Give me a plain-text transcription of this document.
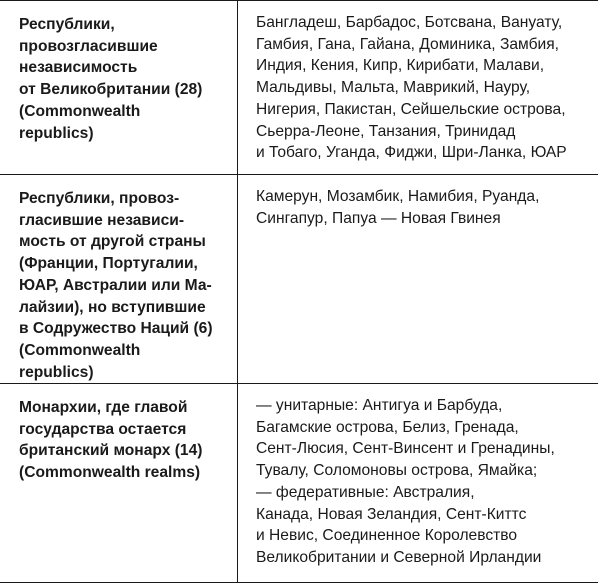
Республики,
провозгласившие
независимость
от Великобритании (28)
(Commonwealth
republics)
Бангладеш, Барбадос, Ботсвана, Вануату,
Гамбия, Гана, Гайана, Доминика, Замбия,
Индия, Кения, Кипр, Кирибати, Малави,
Мальдивы, Мальта, Маврикий, Науру,
Нигерия, Пакистан, Сейшельские острова,
Сьерра-Леоне, Танзания, Тринидад
и Тобаго, Уганда, Фиджи, Шри-Ланка, ЮАР
Республики, провоз-
гласившие независи-
мость от другой страны
(Франции, Португалии,
ЮАР, Австралии или Ма-
лайзии), но вступившие
в Содружество Наций (6)
(Commonwealth
republics)
Камерун, Мозамбик, Намибия, Руанда,
Сингапур, Папуа — Новая Гвинея
Монархии, где главой
государства остается
британский монарх (14)
(Commonwealth realms)
— унитарные: Антигуа и Барбуда,
Багамские острова, Белиз, Гренада,
Сент-Люсия, Сент-Винсент и Гренадины,
Тувалу, Соломоновы острова, Ямайка;
— федеративные: Австралия,
Канада, Новая Зеландия, Сент-Киттс
и Невис, Соединенное Королевство
Великобритании и Северной Ирландии
